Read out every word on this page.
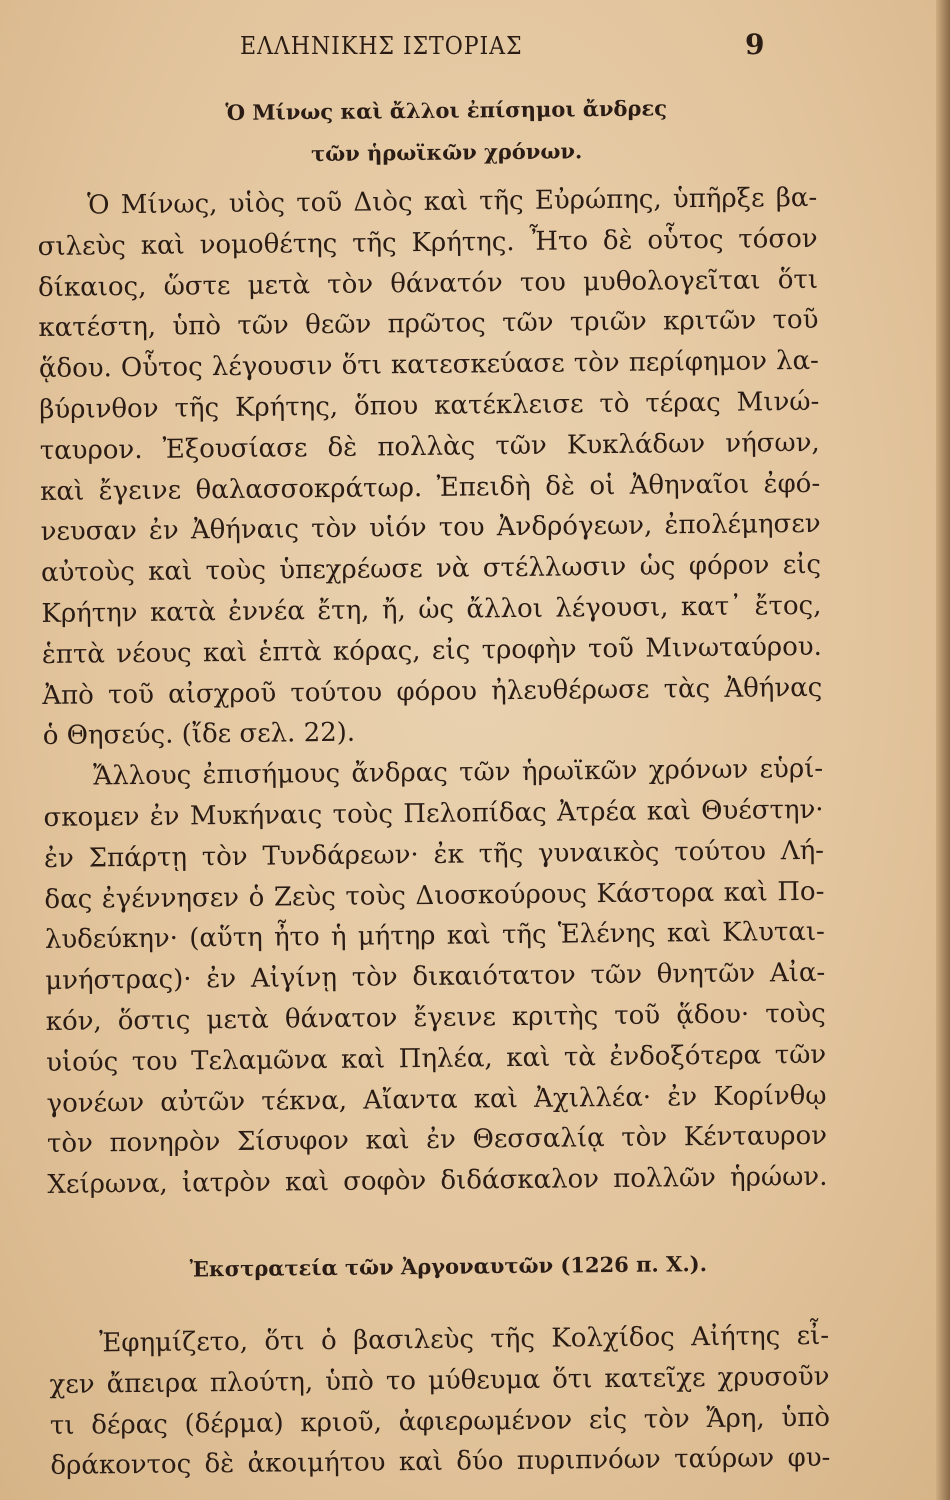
ΕΛΛΗΝΙΚΗΣ ΙΣΤΟΡΙΑΣ	9
Ὁ Μίνως καὶ ἄλλοι ἐπίσημοι ἄνδρες
τῶν ἡρωϊκῶν χρόνων.
Ὁ Μίνως, υἱὸς τοῦ Διὸς καὶ τῆς Εὐρώπης, ὑπῆρξε βα-
σιλεὺς καὶ νομοθέτης τῆς Κρήτης. Ἦτο δὲ οὗτος τόσον
δίκαιος, ὥστε μετὰ τὸν θάνατόν του μυθολογεῖται ὅτι
κατέστη, ὑπὸ τῶν θεῶν πρῶτος τῶν τριῶν κριτῶν τοῦ
ᾅδου. Οὗτος λέγουσιν ὅτι κατεσκεύασε τὸν περίφημον λα-
βύρινθον τῆς Κρήτης, ὅπου κατέκλεισε τὸ τέρας Μινώ-
ταυρον. Ἐξουσίασε δὲ πολλὰς τῶν Κυκλάδων νήσων,
καὶ ἔγεινε θαλασσοκράτωρ. Ἐπειδὴ δὲ οἱ Ἀθηναῖοι ἐφό-
νευσαν ἐν Ἀθήναις τὸν υἱόν του Ἀνδρόγεων, ἐπολέμησεν
αὐτοὺς καὶ τοὺς ὑπεχρέωσε νὰ στέλλωσιν ὡς φόρον εἰς
Κρήτην κατὰ ἐννέα ἔτη, ἤ, ὡς ἄλλοι λέγουσι, κατ᾽ ἔτος,
ἑπτὰ νέους καὶ ἑπτὰ κόρας, εἰς τροφὴν τοῦ Μινωταύρου.
Ἀπὸ τοῦ αἰσχροῦ τούτου φόρου ἠλευθέρωσε τὰς Ἀθήνας
ὁ Θησεύς. (ἴδε σελ. 22).
Ἄλλους ἐπισήμους ἄνδρας τῶν ἡρωϊκῶν χρόνων εὑρί-
σκομεν ἐν Μυκήναις τοὺς Πελοπίδας Ἀτρέα καὶ Θυέστην·
ἐν Σπάρτῃ τὸν Τυνδάρεων· ἐκ τῆς γυναικὸς τούτου Λή-
δας ἐγέννησεν ὁ Ζεὺς τοὺς Διοσκούρους Κάστορα καὶ Πο-
λυδεύκην· (αὕτη ἦτο ἡ μήτηρ καὶ τῆς Ἑλένης καὶ Κλυται-
μνήστρας)· ἐν Αἰγίνῃ τὸν δικαιότατον τῶν θνητῶν Αἰα-
κόν, ὅστις μετὰ θάνατον ἔγεινε κριτὴς τοῦ ᾅδου· τοὺς
υἱούς του Τελαμῶνα καὶ Πηλέα, καὶ τὰ ἐνδοξότερα τῶν
γονέων αὐτῶν τέκνα, Αἴαντα καὶ Ἀχιλλέα· ἐν Κορίνθῳ
τὸν πονηρὸν Σίσυφον καὶ ἐν Θεσσαλίᾳ τὸν Κένταυρον
Χείρωνα, ἰατρὸν καὶ σοφὸν διδάσκαλον πολλῶν ἡρώων.
Ἐκστρατεία τῶν Ἀργοναυτῶν (1226 π. Χ.).
Ἐφημίζετο, ὅτι ὁ βασιλεὺς τῆς Κολχίδος Αἰήτης εἶ-
χεν ἄπειρα πλούτη, ὑπὸ το μύθευμα ὅτι κατεῖχε χρυσοῦν
τι δέρας (δέρμα) κριοῦ, ἀφιερωμένον εἰς τὸν Ἄρη, ὑπὸ
δράκοντος δὲ ἀκοιμήτου καὶ δύο πυριπνόων ταύρων φυ-
